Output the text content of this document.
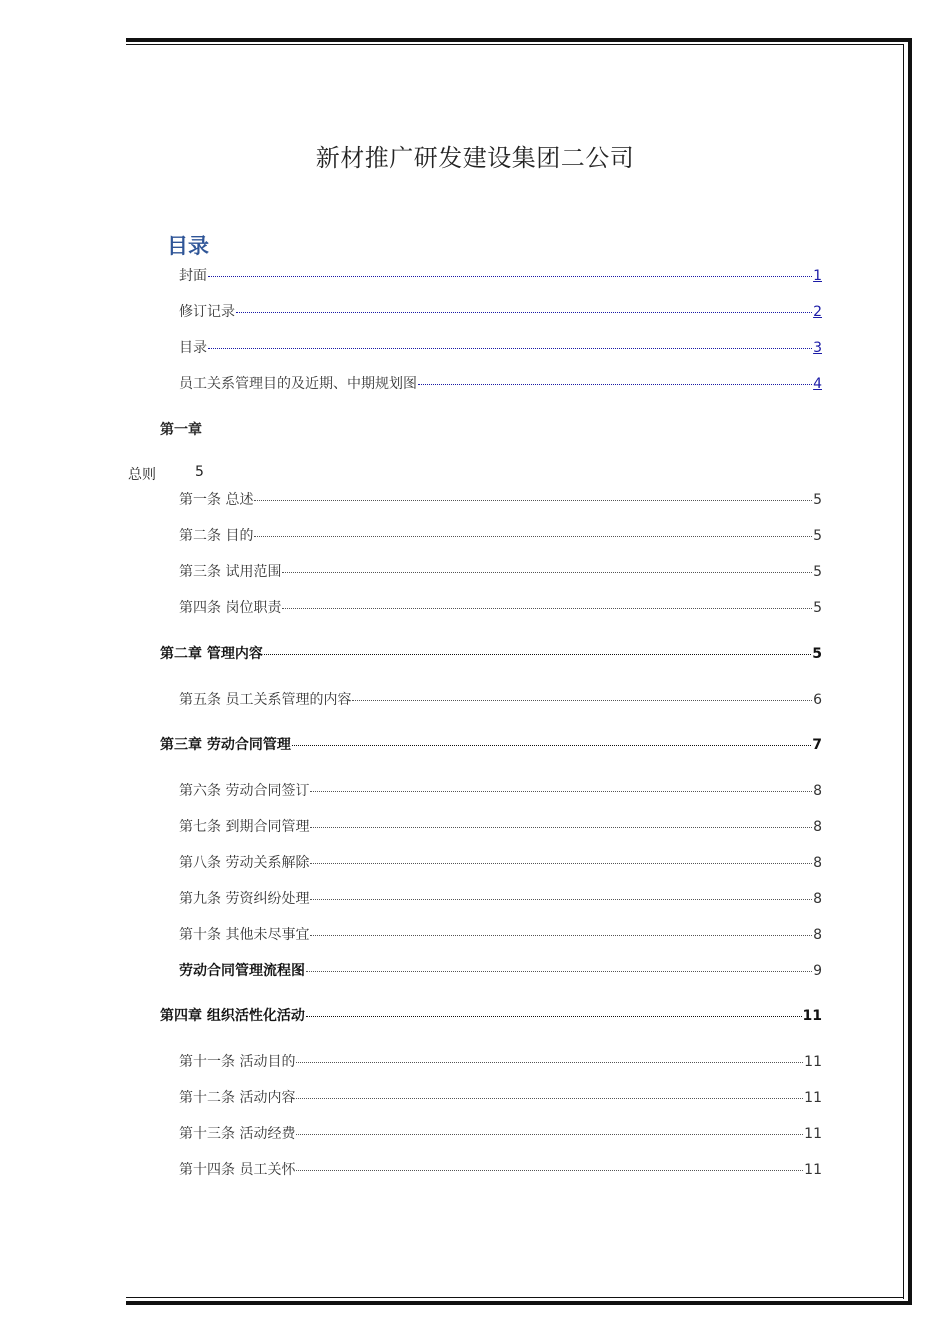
新材推广研发建设集团二公司
目录
封面	1
修订记录	2
目录	3
员工关系管理目的及近期、中期规划图	4
第一章
总则	5
第一条 总述	5
第二条 目的	5
第三条 试用范围	5
第四条 岗位职责	5
第二章 管理内容	5
第五条 员工关系管理的内容	6
第三章 劳动合同管理	7
第六条 劳动合同签订	8
第七条 到期合同管理	8
第八条 劳动关系解除	8
第九条 劳资纠纷处理	8
第十条 其他未尽事宜	8
劳动合同管理流程图	9
第四章 组织活性化活动	11
第十一条 活动目的	11
第十二条 活动内容	11
第十三条 活动经费	11
第十四条 员工关怀	11
